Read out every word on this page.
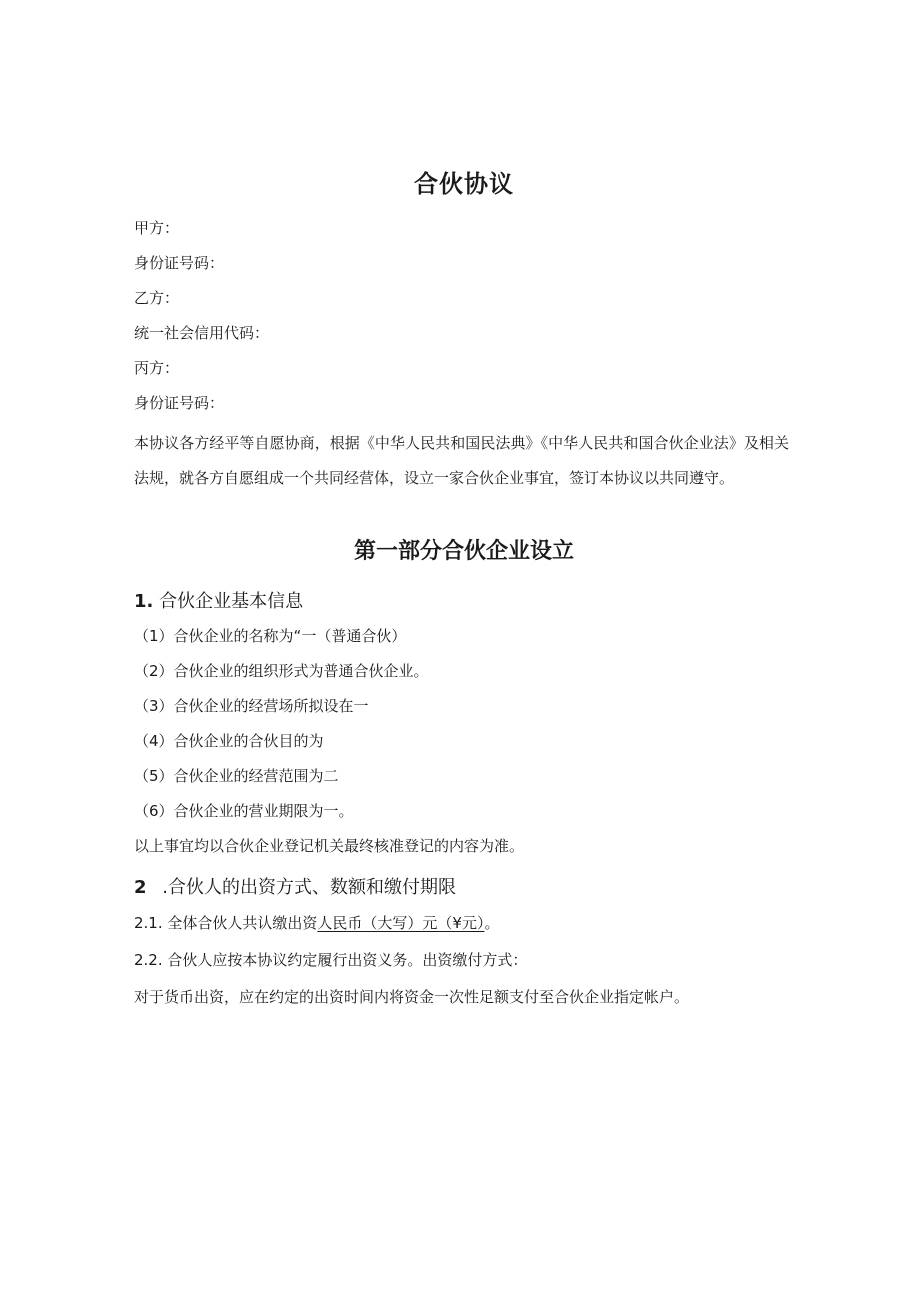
合伙协议
甲方：
身份证号码：
乙方：
统一社会信用代码：
丙方：
身份证号码：

本协议各方经平等自愿协商，根据《中华人民共和国民法典》《中华人民共和国合伙企业法》及相关法规，就各方自愿组成一个共同经营体，设立一家合伙企业事宜，签订本协议以共同遵守。

第一部分合伙企业设立
1. 合伙企业基本信息
（1）合伙企业的名称为“一（普通合伙）
（2）合伙企业的组织形式为普通合伙企业。
（3）合伙企业的经营场所拟设在一
（4）合伙企业的合伙目的为
（5）合伙企业的经营范围为二
（6）合伙企业的营业期限为一。
以上事宜均以合伙企业登记机关最终核准登记的内容为准。
2 .合伙人的出资方式、数额和缴付期限
2.1. 全体合伙人共认缴出资人民币（大写）元（¥元）。
2.2. 合伙人应按本协议约定履行出资义务。出资缴付方式：
对于货币出资，应在约定的出资时间内将资金一次性足额支付至合伙企业指定帐户。
